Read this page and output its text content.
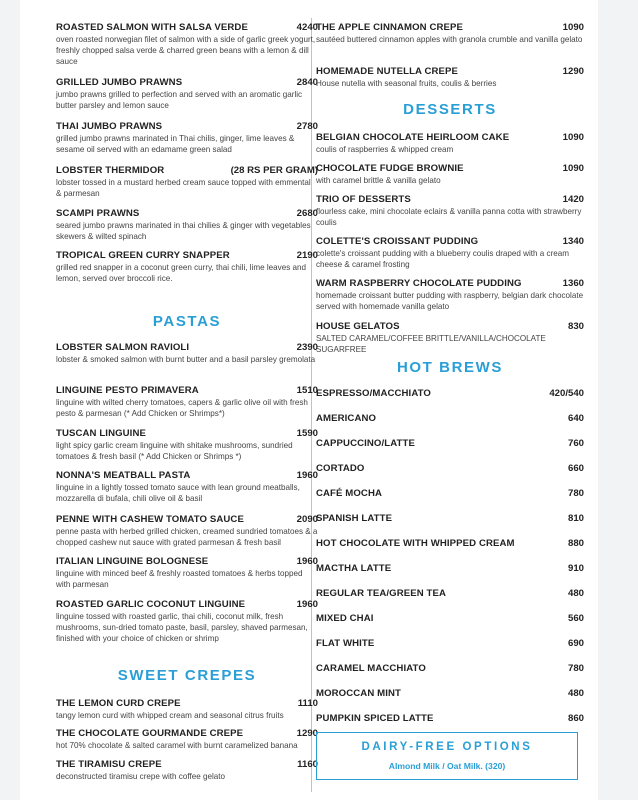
ROASTED SALMON WITH SALSA VERDE	4240
oven roasted norwegian filet of salmon with a side of garlic greek yogurt, freshly chopped salsa verde & charred green beans with a lemon & dill sauce
GRILLED JUMBO PRAWNS	2840
jumbo prawns grilled to perfection and served with an aromatic garlic butter parsley and lemon sauce
THAI JUMBO PRAWNS	2780
grilled jumbo prawns marinated in Thai chilis, ginger, lime leaves & sesame oil served with an edamame green salad
LOBSTER THERMIDOR	(28 RS PER GRAM)
lobster tossed in a mustard herbed cream sauce topped with emmental & parmesan
SCAMPI PRAWNS	2680
seared jumbo prawns marinated in thai chilies & ginger with vegetables skewers & wilted spinach
TROPICAL GREEN CURRY SNAPPER	2190
grilled red snapper in a coconut green curry, thai chili, lime leaves and lemon, served over broccoli rice.
PASTAS
LOBSTER SALMON RAVIOLI	2390
lobster & smoked salmon with burnt butter and a basil parsley gremolata
LINGUINE PESTO PRIMAVERA	1510
linguine with wilted cherry tomatoes, capers & garlic olive oil with fresh pesto & parmesan (* Add Chicken or Shrimps*)
TUSCAN LINGUINE	1590
light spicy garlic cream linguine with shitake mushrooms, sundried tomatoes & fresh basil (* Add Chicken or Shrimps *)
NONNA'S MEATBALL PASTA	1960
linguine in a lightly tossed tomato sauce with lean ground meatballs, mozzarella di bufala, chili olive oil & basil
PENNE WITH CASHEW TOMATO SAUCE	2090
penne pasta with herbed grilled chicken, creamed sundried tomatoes & a chopped cashew nut sauce with grated parmesan & fresh basil
ITALIAN LINGUINE BOLOGNESE	1960
linguine with minced beef & freshly roasted tomatoes & herbs topped with parmesan
ROASTED GARLIC COCONUT LINGUINE	1960
linguine tossed with roasted garlic, thai chili, coconut milk, fresh mushrooms, sun-dried tomato paste, basil, parsley, shaved parmesan, finished with your choice of chicken or shrimp
SWEET CREPES
THE LEMON CURD CREPE	1110
tangy lemon curd with whipped cream and seasonal citrus fruits
THE CHOCOLATE GOURMANDE CREPE	1290
hot 70% chocolate & salted caramel with burnt caramelized banana
THE TIRAMISU CREPE	1160
deconstructed tiramisu crepe with coffee gelato
THE APPLE CINNAMON CREPE	1090
sautéed buttered cinnamon apples with granola crumble and vanilla gelato
HOMEMADE NUTELLA CREPE	1290
House nutella with seasonal fruits, coulis & berries
DESSERTS
BELGIAN CHOCOLATE HEIRLOOM CAKE	1090
coulis of raspberries & whipped cream
CHOCOLATE FUDGE BROWNIE	1090
with caramel brittle & vanilla gelato
TRIO OF DESSERTS	1420
flourless cake, mini chocolate eclairs & vanilla panna cotta with strawberry coulis
COLETTE'S CROISSANT PUDDING	1340
colette's croissant pudding with a blueberry coulis draped with a cream cheese & caramel frosting
WARM RASPBERRY CHOCOLATE PUDDING	1360
homemade croissant butter pudding with raspberry, belgian dark chocolate served with homemade vanilla gelato
HOUSE GELATOS	830
SALTED CARAMEL/COFFEE BRITTLE/VANILLA/CHOCOLATE SUGARFREE
HOT BREWS
ESPRESSO/MACCHIATO	420/540
AMERICANO	640
CAPPUCCINO/LATTE	760
CORTADO	660
CAFÉ MOCHA	780
SPANISH LATTE	810
HOT CHOCOLATE WITH WHIPPED CREAM	880
MACTHA LATTE	910
REGULAR TEA/GREEN TEA	480
MIXED CHAI	560
FLAT WHITE	690
CARAMEL MACCHIATO	780
MOROCCAN MINT	480
PUMPKIN SPICED LATTE	860
DAIRY-FREE OPTIONS
Almond Milk / Oat Milk. (320)
